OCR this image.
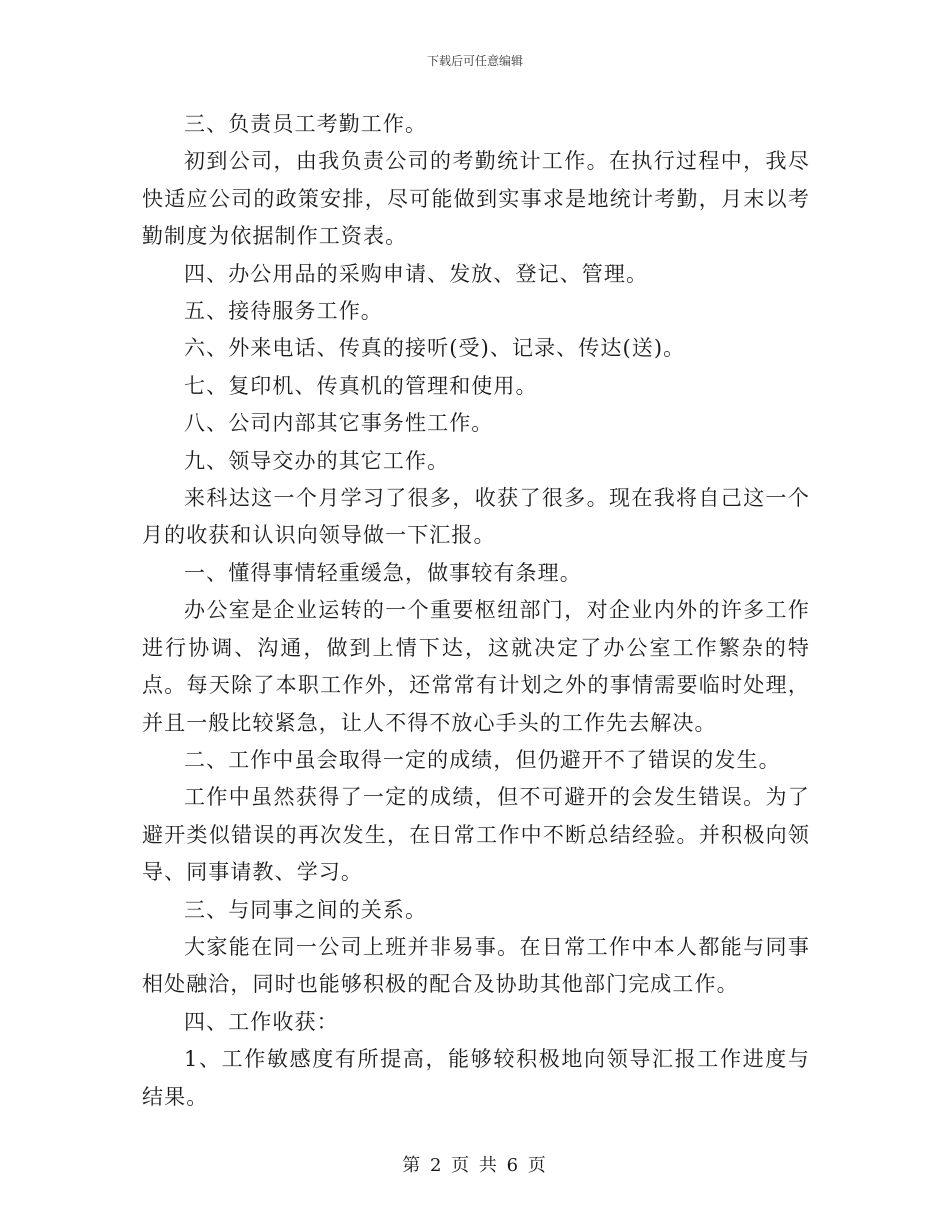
下载后可任意编辑

三、负责员工考勤工作。

初到公司，由我负责公司的考勤统计工作。在执行过程中，我尽快适应公司的政策安排，尽可能做到实事求是地统计考勤，月末以考勤制度为依据制作工资表。

四、办公用品的采购申请、发放、登记、管理。

五、接待服务工作。

六、外来电话、传真的接听(受)、记录、传达(送)。

七、复印机、传真机的管理和使用。

八、公司内部其它事务性工作。

九、领导交办的其它工作。

来科达这一个月学习了很多，收获了很多。现在我将自己这一个月的收获和认识向领导做一下汇报。

一、懂得事情轻重缓急，做事较有条理。

办公室是企业运转的一个重要枢纽部门，对企业内外的许多工作进行协调、沟通，做到上情下达，这就决定了办公室工作繁杂的特点。每天除了本职工作外，还常常有计划之外的事情需要临时处理，并且一般比较紧急，让人不得不放心手头的工作先去解决。

二、工作中虽会取得一定的成绩，但仍避开不了错误的发生。

工作中虽然获得了一定的成绩，但不可避开的会发生错误。为了避开类似错误的再次发生，在日常工作中不断总结经验。并积极向领导、同事请教、学习。

三、与同事之间的关系。

大家能在同一公司上班并非易事。在日常工作中本人都能与同事相处融洽，同时也能够积极的配合及协助其他部门完成工作。

四、工作收获：

1、工作敏感度有所提高，能够较积极地向领导汇报工作进度与结果。

第 2 页 共 6 页
